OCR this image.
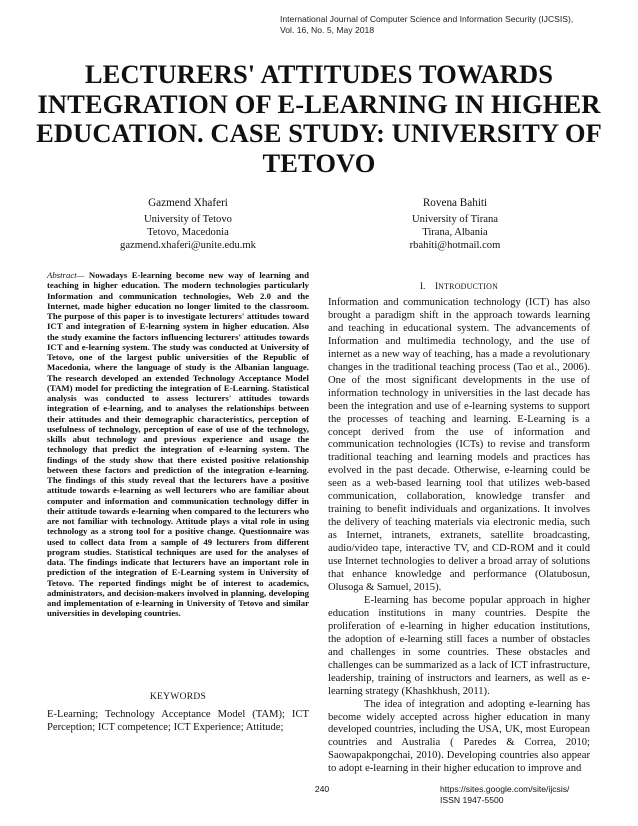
International Journal of Computer Science and Information Security (IJCSIS),
Vol. 16, No. 5, May 2018
LECTURERS' ATTITUDES TOWARDS INTEGRATION OF E-LEARNING IN HIGHER EDUCATION. CASE STUDY: UNIVERSITY OF TETOVO
Gazmend Xhaferi
University of Tetovo
Tetovo, Macedonia
gazmend.xhaferi@unite.edu.mk
Rovena Bahiti
University of Tirana
Tirana, Albania
rbahiti@hotmail.com
Abstract— Nowadays E-learning become new way of learning and teaching in higher education. The modern technologies particularly Information and communication technologies, Web 2.0 and the Internet, made higher education no longer limited to the classroom. The purpose of this paper is to investigate lecturers' attitudes toward ICT and integration of E-learning system in higher education. Also the study examine the factors influencing lecturers' attitudes towards ICT and e-learning system. The study was conducted at University of Tetovo, one of the largest public universities of the Republic of Macedonia, where the language of study is the Albanian language. The research developed an extended Technology Acceptance Model (TAM) model for predicting the integration of E-Learning. Statistical analysis was conducted to assess lecturers' attitudes towards integration of e-learning, and to analyses the relationships between their attitudes and their demographic characteristics, perception of usefulness of technology, perception of ease of use of the technology, skills abut technology and previous experience and usage the technology that predict the integration of e-learning system. The findings of the study show that there existed positive relationship between these factors and prediction of the integration e-learning. The findings of this study reveal that the lecturers have a positive attitude towards e-learning as well lecturers who are familiar about computer and information and communication technology differ in their attitude towards e-learning when compared to the lecturers who are not familiar with technology. Attitude plays a vital role in using technology as a strong tool for a positive change. Questionnaire was used to collect data from a sample of 49 lecturers from different program studies. Statistical techniques are used for the analyses of data. The findings indicate that lecturers have an important role in prediction of the integration of E-Learning system in University of Tetovo. The reported findings might be of interest to academics, administrators, and decision-makers involved in planning, developing and implementation of e-learning in University of Tetovo and similar universities in developing countries.
KEYWORDS
E-Learning; Technology Acceptance Model (TAM); ICT Perception; ICT competence; ICT Experience; Attitude;
I. INTRODUCTION

Information and communication technology (ICT) has also brought a paradigm shift in the approach towards learning and teaching in educational system. The advancements of Information and multimedia technology, and the use of internet as a new way of teaching, has a made a revolutionary changes in the traditional teaching process (Tao et al., 2006). One of the most significant developments in the use of information technology in universities in the last decade has been the integration and use of e-learning systems to support the processes of teaching and learning. E-Learning is a concept derived from the use of information and communication technologies (ICTs) to revise and transform traditional teaching and learning models and practices has evolved in the past decade. Otherwise, e-learning could be seen as a web-based learning tool that utilizes web-based communication, collaboration, knowledge transfer and training to benefit individuals and organizations. It involves the delivery of teaching materials via electronic media, such as Internet, intranets, extranets, satellite broadcasting, audio/video tape, interactive TV, and CD-ROM and it could use Internet technologies to deliver a broad array of solutions that enhance knowledge and performance (Olatubosun, Olusoga & Samuel, 2015).

E-learning has become popular approach in higher education institutions in many countries. Despite the proliferation of e-learning in higher education institutions, the adoption of e-learning still faces a number of obstacles and challenges in some countries. These obstacles and challenges can be summarized as a lack of ICT infrastructure, leadership, training of instructors and learners, as well as e-learning strategy (Khashkhush, 2011).

The idea of integration and adopting e-learning has become widely accepted across higher education in many developed countries, including the USA, UK, most European countries and Australia ( Paredes & Correa, 2010; Saowapakpongchai, 2010). Developing countries also appear to adopt e-learning in their higher education to improve and

240	https://sites.google.com/site/ijcsis/
ISSN 1947-5500
